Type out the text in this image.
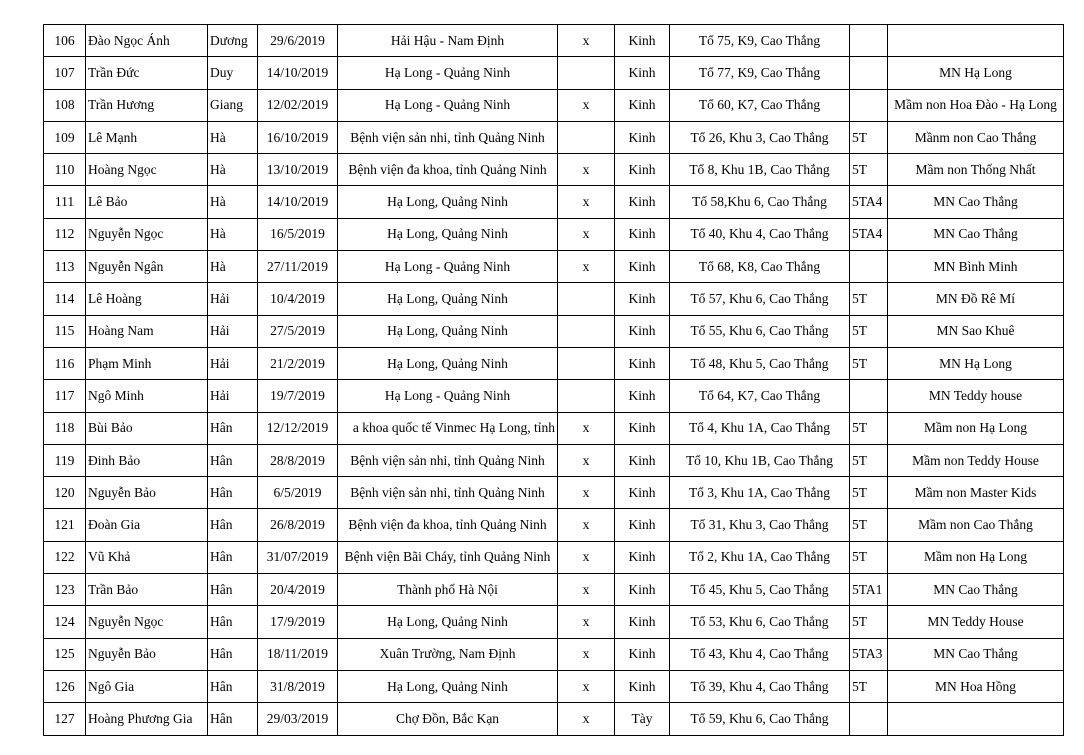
106	Đào Ngọc Ánh	Dương	29/6/2019	Hải Hậu - Nam Định	x	Kinh	Tổ 75, K9, Cao Thắng		
107	Trần Đức	Duy	14/10/2019	Hạ Long - Quảng Ninh		Kinh	Tổ 77, K9, Cao Thắng		MN Hạ Long
108	Trần Hương	Giang	12/02/2019	Hạ Long - Quảng Ninh	x	Kinh	Tổ 60, K7, Cao Thắng		Mầm non Hoa Đào - Hạ Long
109	Lê Mạnh	Hà	16/10/2019	Bệnh viện sản nhi, tỉnh Quảng Ninh		Kinh	Tổ 26, Khu 3, Cao Thắng	5T	Mầnm non Cao Thắng
110	Hoàng Ngọc	Hà	13/10/2019	Bệnh viện đa khoa, tỉnh Quảng Ninh	x	Kinh	Tổ 8, Khu 1B, Cao Thắng	5T	Mầm non Thống Nhất
111	Lê Bảo	Hà	14/10/2019	Hạ Long, Quảng Ninh	x	Kinh	Tổ 58,Khu 6, Cao Thắng	5TA4	MN Cao Thắng
112	Nguyễn Ngọc	Hà	16/5/2019	Hạ Long, Quảng Ninh	x	Kinh	Tổ 40, Khu 4, Cao Thắng	5TA4	MN Cao Thắng
113	Nguyễn Ngân	Hà	27/11/2019	Hạ Long - Quảng Ninh	x	Kinh	Tổ 68, K8, Cao Thắng		MN Bình Minh
114	Lê Hoàng	Hải	10/4/2019	Hạ Long, Quảng Ninh		Kinh	Tổ 57, Khu 6, Cao Thắng	5T	MN Đồ Rê Mí
115	Hoàng Nam	Hải	27/5/2019	Hạ Long, Quảng Ninh		Kinh	Tổ 55, Khu 6, Cao Thắng	5T	MN Sao Khuê
116	Phạm Minh	Hải	21/2/2019	Hạ Long, Quảng Ninh		Kinh	Tổ 48, Khu 5, Cao Thắng	5T	MN Hạ Long
117	Ngô Minh	Hải	19/7/2019	Hạ Long - Quảng Ninh		Kinh	Tổ 64, K7, Cao Thắng		MN Teddy house
118	Bùi Bảo	Hân	12/12/2019	a khoa quốc tế Vinmec Hạ Long, tỉnh	x	Kinh	Tổ 4, Khu 1A, Cao Thắng	5T	Mầm non Hạ Long
119	Đinh Bảo	Hân	28/8/2019	Bệnh viện sản nhi, tỉnh Quảng Ninh	x	Kinh	Tổ 10, Khu 1B, Cao Thắng	5T	Mầm non Teddy House
120	Nguyễn Bảo	Hân	6/5/2019	Bệnh viện sản nhi, tỉnh Quảng Ninh	x	Kinh	Tổ 3, Khu 1A, Cao Thắng	5T	Mầm non Master Kids
121	Đoàn Gia	Hân	26/8/2019	Bệnh viện đa khoa, tỉnh Quảng Ninh	x	Kinh	Tổ 31, Khu 3, Cao Thắng	5T	Mầm non Cao Thắng
122	Vũ Khả	Hân	31/07/2019	Bệnh viện Bãi Cháy, tỉnh Quảng Ninh	x	Kinh	Tổ 2, Khu 1A, Cao Thắng	5T	Mầm non Hạ Long
123	Trần Bảo	Hân	20/4/2019	Thành phố Hà Nội	x	Kinh	Tổ 45, Khu 5, Cao Thắng	5TA1	MN Cao Thắng
124	Nguyễn Ngọc	Hân	17/9/2019	Hạ Long, Quảng Ninh	x	Kinh	Tổ 53, Khu 6, Cao Thắng	5T	MN Teddy House
125	Nguyễn Bảo	Hân	18/11/2019	Xuân Trường, Nam Định	x	Kinh	Tổ 43, Khu 4, Cao Thắng	5TA3	MN Cao Thắng
126	Ngô Gia	Hân	31/8/2019	Hạ Long, Quảng Ninh	x	Kinh	Tổ 39, Khu 4, Cao Thắng	5T	MN Hoa Hồng
127	Hoàng Phương Gia	Hân	29/03/2019	Chợ Đồn, Bắc Kạn	x	Tày	Tổ 59, Khu 6, Cao Thắng		
